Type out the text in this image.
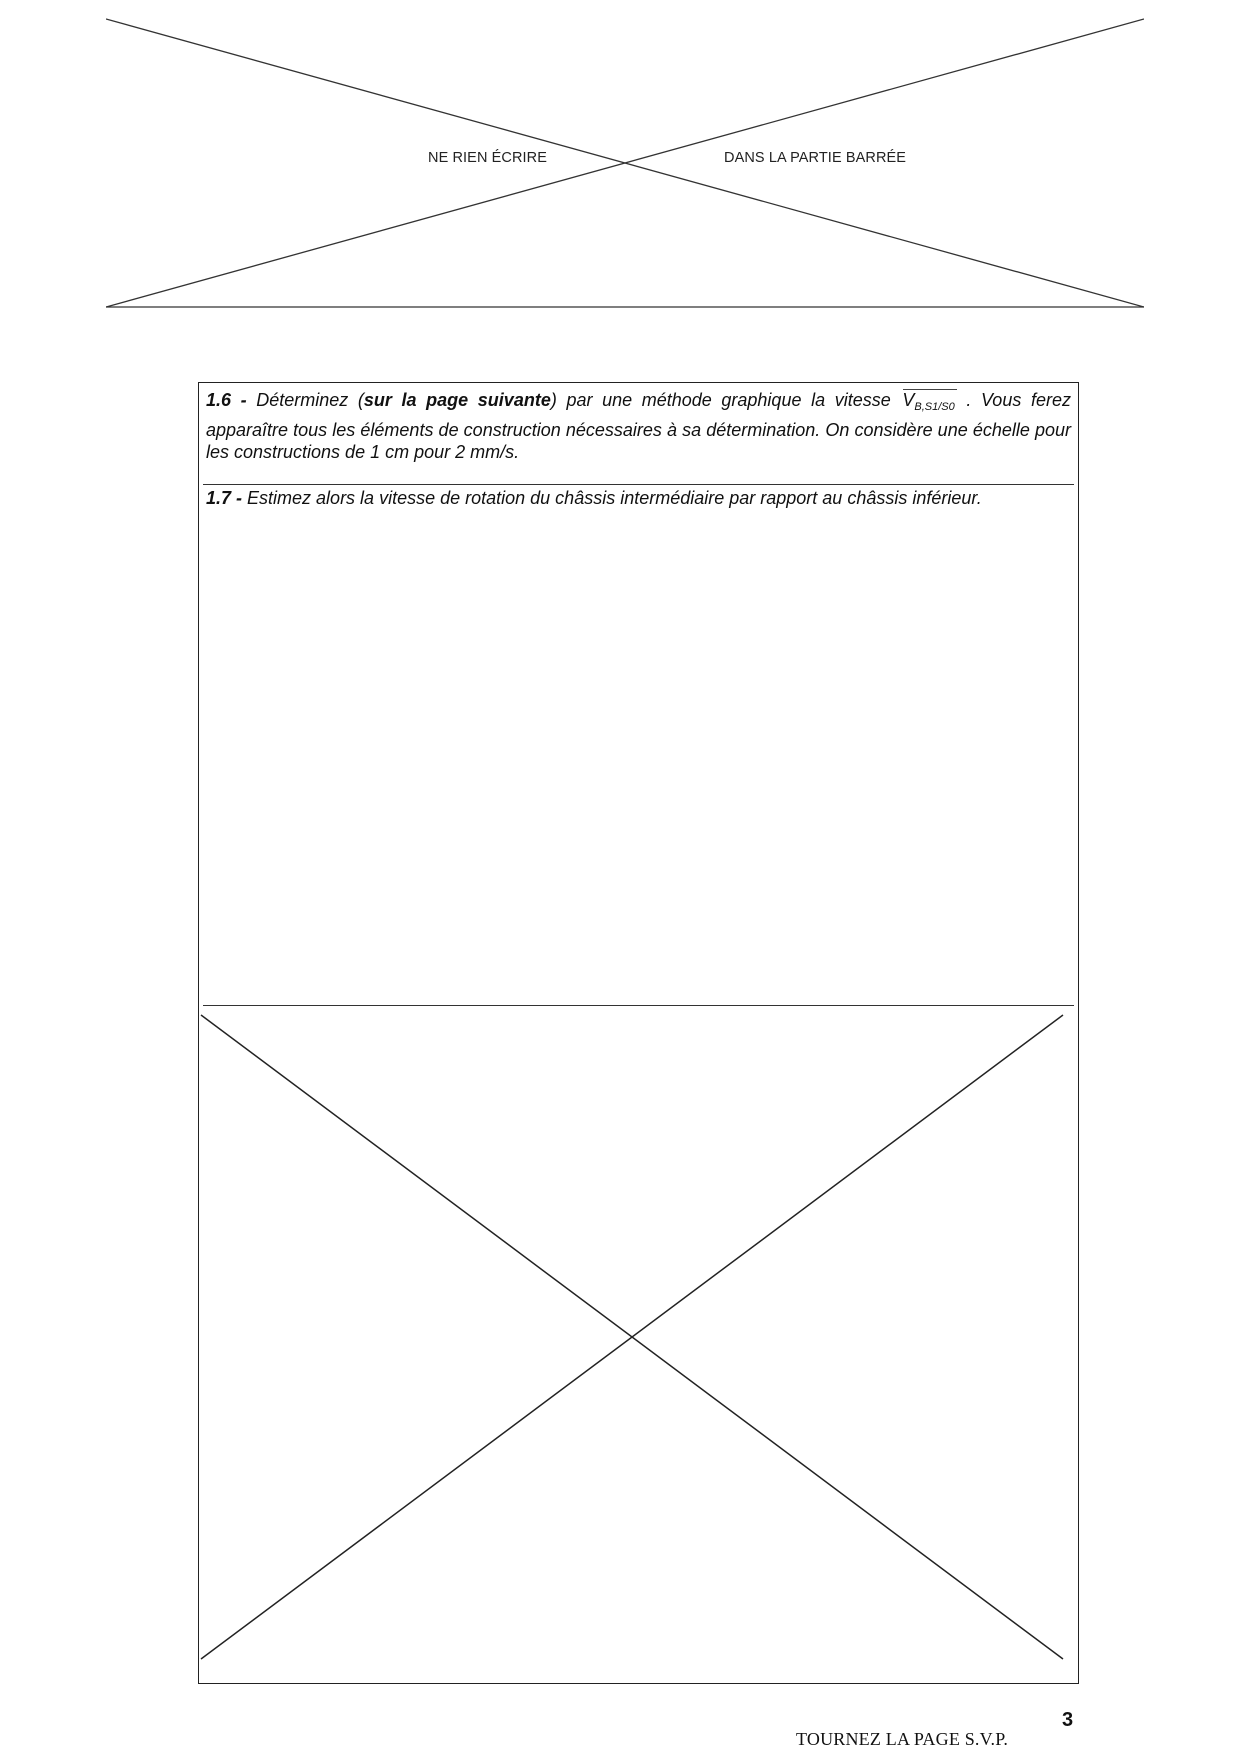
NE RIEN ÉCRIRE	DANS LA PARTIE BARRÉE
1.6 - Déterminez (sur la page suivante) par une méthode graphique la vitesse
$V_{B,S1/S0}$ . Vous ferez apparaître tous les éléments de construction nécessaires à sa détermination. On considère une échelle pour les constructions de 1 cm pour 2 mm/s.
1.7 - Estimez alors la vitesse de rotation du châssis intermédiaire par rapport au châssis inférieur.
TOURNEZ LA PAGE S.V.P.
3
